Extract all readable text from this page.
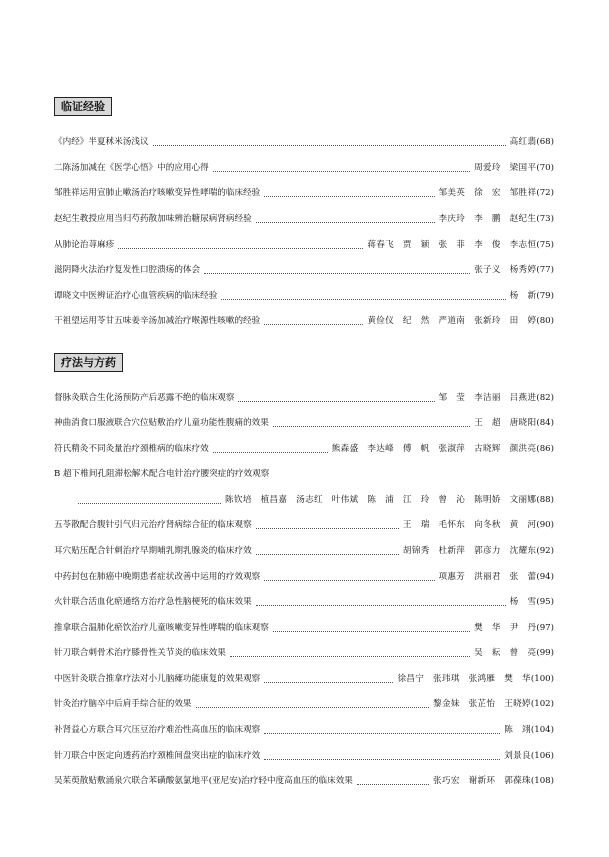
临证经验
《内经》半夏秫米汤浅议	高红翡 (68)
二陈汤加减在《医学心悟》中的应用心得	周爱玲　梁国平 (70)
邹胜祥运用宣肺止嗽汤治疗咳嗽变异性哮喘的临床经验	邹美英　徐　宏　邹胜祥 (72)
赵纪生教授应用当归芍药散加味辨治糖尿病肾病经验	李庆玲　李　鹏　赵纪生 (73)
从肺论治荨麻疹	蒋春飞　贾　颖　张　菲　李　俊　李志恒 (75)
滋阴降火法治疗复发性口腔溃疡的体会	张子义　杨秀婷 (77)
谭晓文中医辨证治疗心血管疾病的临床经验	杨　新 (79)
干祖望运用苓甘五味姜辛汤加减治疗喉源性咳嗽的经验	黄俭仪　纪　然　严道南　张新玲　田　婷 (80)
疗法与方药
督脉灸联合生化汤预防产后恶露不绝的临床观察	邹　莹　李洁丽　吕燕进 (82)
神曲消食口服液联合穴位贴敷治疗儿童功能性腹痛的效果	王　超　唐晓阳 (84)
符氏精灸不同灸量治疗颈椎病的临床疗效	熊森盛　李达峰　傅　帆　张淑萍　古晓辉　颜洪亮 (86)
B 超下椎间孔阻滞松解术配合电针治疗腰突症的疗效观察
陈钦培　植昌嘉　汤志红　叶伟斌　陈　浦　江　玲　曾　沁　陈明娇　文丽娜 (88)
五苓散配合腹针引气归元治疗肾病综合征的临床观察	王　瑞　毛怀东　向冬秋　黄　河 (90)
耳穴贴压配合针刺治疗早期哺乳期乳腺炎的临床疗效	胡锦秀　杜新萍　郭彦力　沈耀东 (92)
中药封包在肺癌中晚期患者症状改善中运用的疗效观察	项惠芳　洪丽君　张　蕾 (94)
火针联合活血化瘀通络方治疗急性脑梗死的临床效果	杨　雪 (95)
推拿联合温肺化瘀饮治疗儿童咳嗽变异性哮喘的临床观察	樊　华　尹　丹 (97)
针刀联合刺骨术治疗膝骨性关节炎的临床效果	吴　耘　曾　亮 (99)
中医针灸联合推拿疗法对小儿脑瘫功能康复的效果观察	徐昌宁　张玮琪　张鸿雁　樊　华 (100)
针灸治疗脑卒中后肩手综合征的效果	黎金妹　张芷怡　王晓婷 (102)
补肾益心方联合耳穴压豆治疗难治性高血压的临床观察	陈　翊 (104)
针刀联合中医定向透药治疗颈椎间盘突出症的临床疗效	刘景良 (106)
吴茱萸散贴敷涌泉穴联合苯磺酸氨氯地平(亚尼安)治疗轻中度高血压的临床效果	张巧宏　谢新环　郭葆珠 (108)
